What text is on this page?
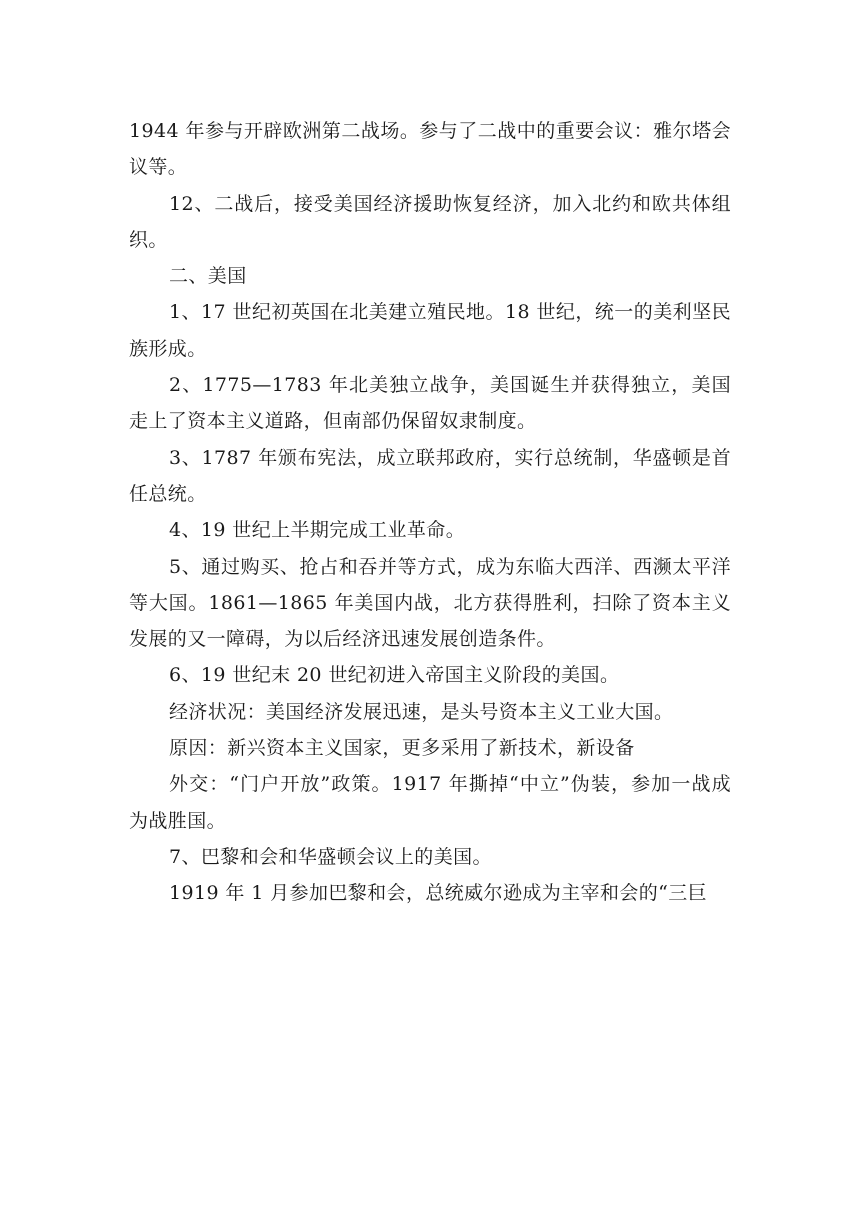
1944 年参与开辟欧洲第二战场。参与了二战中的重要会议：雅尔塔会议等。

12、二战后，接受美国经济援助恢复经济，加入北约和欧共体组织。

二、美国

1、17 世纪初英国在北美建立殖民地。18 世纪，统一的美利坚民族形成。

2、1775—1783 年北美独立战争，美国诞生并获得独立，美国走上了资本主义道路，但南部仍保留奴隶制度。

3、1787 年颁布宪法，成立联邦政府，实行总统制，华盛顿是首任总统。

4、19 世纪上半期完成工业革命。

5、通过购买、抢占和吞并等方式，成为东临大西洋、西濒太平洋等大国。1861—1865 年美国内战，北方获得胜利，扫除了资本主义发展的又一障碍，为以后经济迅速发展创造条件。

6、19 世纪末 20 世纪初进入帝国主义阶段的美国。

经济状况：美国经济发展迅速，是头号资本主义工业大国。

原因：新兴资本主义国家，更多采用了新技术，新设备

外交：“门户开放”政策。1917 年撕掉“中立”伪装，参加一战成为战胜国。

7、巴黎和会和华盛顿会议上的美国。

1919 年 1 月参加巴黎和会，总统威尔逊成为主宰和会的“三巨
